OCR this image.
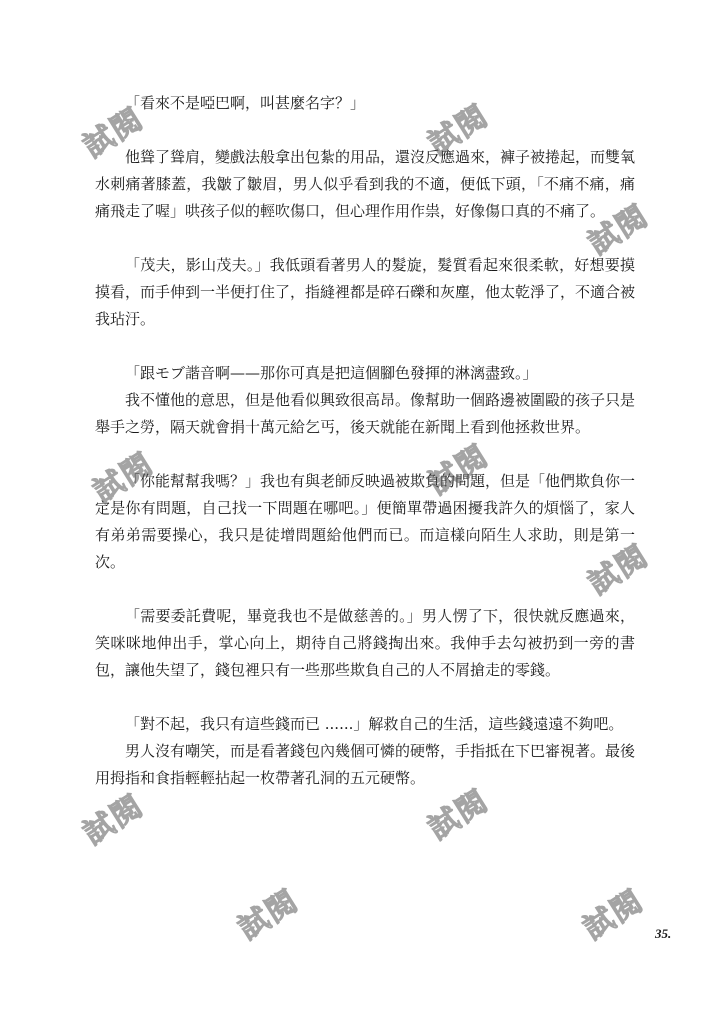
「看來不是啞巴啊，叫甚麼名字？」

他聳了聳肩，變戲法般拿出包紮的用品，還沒反應過來，褲子被捲起，而雙氧水刺痛著膝蓋，我皺了皺眉，男人似乎看到我的不適，便低下頭，「不痛不痛，痛痛飛走了喔」哄孩子似的輕吹傷口，但心理作用作祟，好像傷口真的不痛了。

「茂夫，影山茂夫。」我低頭看著男人的髮旋，髮質看起來很柔軟，好想要摸摸看，而手伸到一半便打住了，指縫裡都是碎石礫和灰塵，他太乾淨了，不適合被我玷汙。

「跟モブ諧音啊——那你可真是把這個腳色發揮的淋漓盡致。」

我不懂他的意思，但是他看似興致很高昂。像幫助一個路邊被圍毆的孩子只是舉手之勞，隔天就會捐十萬元給乞丐，後天就能在新聞上看到他拯救世界。

「你能幫幫我嗎？」我也有與老師反映過被欺負的問題，但是「他們欺負你一定是你有問題，自己找一下問題在哪吧。」便簡單帶過困擾我許久的煩惱了，家人有弟弟需要操心，我只是徒增問題給他們而已。而這樣向陌生人求助，則是第一次。

「需要委託費呢，畢竟我也不是做慈善的。」男人愣了下，很快就反應過來，笑咪咪地伸出手，掌心向上，期待自己將錢掏出來。我伸手去勾被扔到一旁的書包，讓他失望了，錢包裡只有一些那些欺負自己的人不屑搶走的零錢。

「對不起，我只有這些錢而已 ......」解救自己的生活，這些錢遠遠不夠吧。

男人沒有嘲笑，而是看著錢包內幾個可憐的硬幣，手指抵在下巴審視著。最後用拇指和食指輕輕拈起一枚帶著孔洞的五元硬幣。

35.
試閱	試閱
試閱
試閱	試閱
試閱
試閱	試閱
試閱	試閱
